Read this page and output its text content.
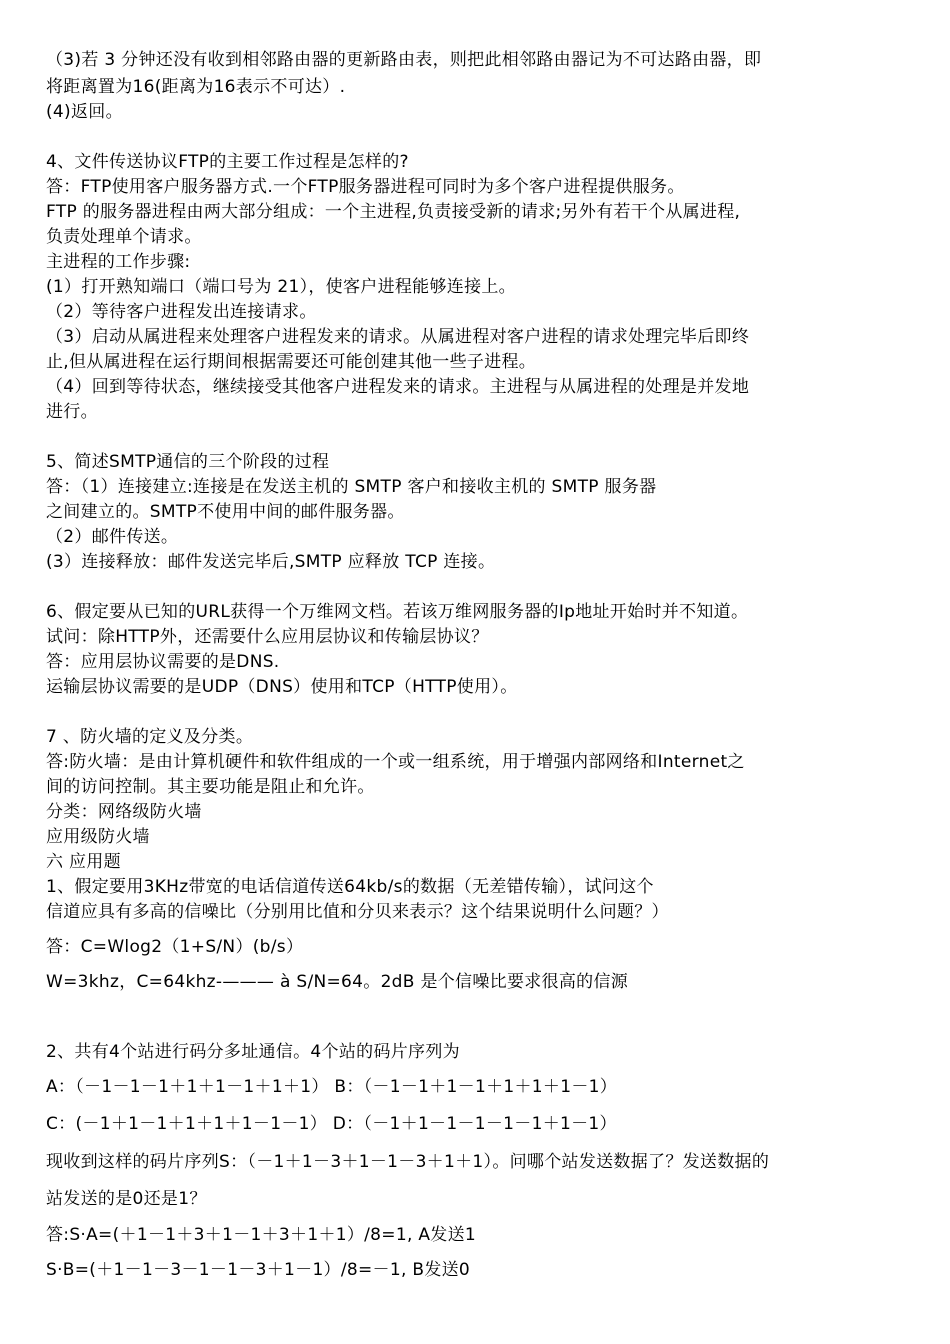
（3)若 3 分钟还没有收到相邻路由器的更新路由表，则把此相邻路由器记为不可达路由器，即
将距离置为16(距离为16表示不可达）.
(4)返回。
4、文件传送协议FTP的主要工作过程是怎样的?
答：FTP使用客户服务器方式.一个FTP服务器进程可同时为多个客户进程提供服务。
FTP 的服务器进程由两大部分组成：一个主进程,负责接受新的请求;另外有若干个从属进程,
负责处理单个请求。
主进程的工作步骤:
(1）打开熟知端口（端口号为 21），使客户进程能够连接上。
（2）等待客户进程发出连接请求。
（3）启动从属进程来处理客户进程发来的请求。从属进程对客户进程的请求处理完毕后即终
止,但从属进程在运行期间根据需要还可能创建其他一些子进程。
（4）回到等待状态，继续接受其他客户进程发来的请求。主进程与从属进程的处理是并发地
进行。
5、简述SMTP通信的三个阶段的过程
答：（1）连接建立:连接是在发送主机的 SMTP 客户和接收主机的 SMTP 服务器
之间建立的。SMTP不使用中间的邮件服务器。
（2）邮件传送。
(3）连接释放：邮件发送完毕后,SMTP 应释放 TCP 连接。
6、假定要从已知的URL获得一个万维网文档。若该万维网服务器的Ip地址开始时并不知道。
试问：除HTTP外，还需要什么应用层协议和传输层协议？
答：应用层协议需要的是DNS.
运输层协议需要的是UDP（DNS）使用和TCP（HTTP使用）。
7 、防火墙的定义及分类。
答:防火墙：是由计算机硬件和软件组成的一个或一组系统，用于增强内部网络和Internet之
间的访问控制。其主要功能是阻止和允许。
分类：网络级防火墙
应用级防火墙
六 应用题
1、假定要用3KHz带宽的电话信道传送64kb/s的数据（无差错传输），试问这个
信道应具有多高的信噪比（分别用比值和分贝来表示？这个结果说明什么问题？）
答：C=Wlog2（1+S/N）(b/s）
W=3khz，C=64khz-——— à S/N=64。2dB 是个信噪比要求很高的信源
2、共有4个站进行码分多址通信。4个站的码片序列为
A：（－1－1－1＋1＋1－1＋1＋1） B：（－1－1＋1－1＋1＋1＋1－1）
C：(－1＋1－1＋1＋1＋1－1－1） D：（－1＋1－1－1－1－1＋1－1）
现收到这样的码片序列S：（－1＋1－3＋1－1－3＋1＋1）。问哪个站发送数据了？发送数据的
站发送的是0还是1？
答:S·A=(＋1－1＋3＋1－1＋3＋1＋1）/8=1, A发送1
S·B=(＋1－1－3－1－1－3＋1－1）/8=－1, B发送0
